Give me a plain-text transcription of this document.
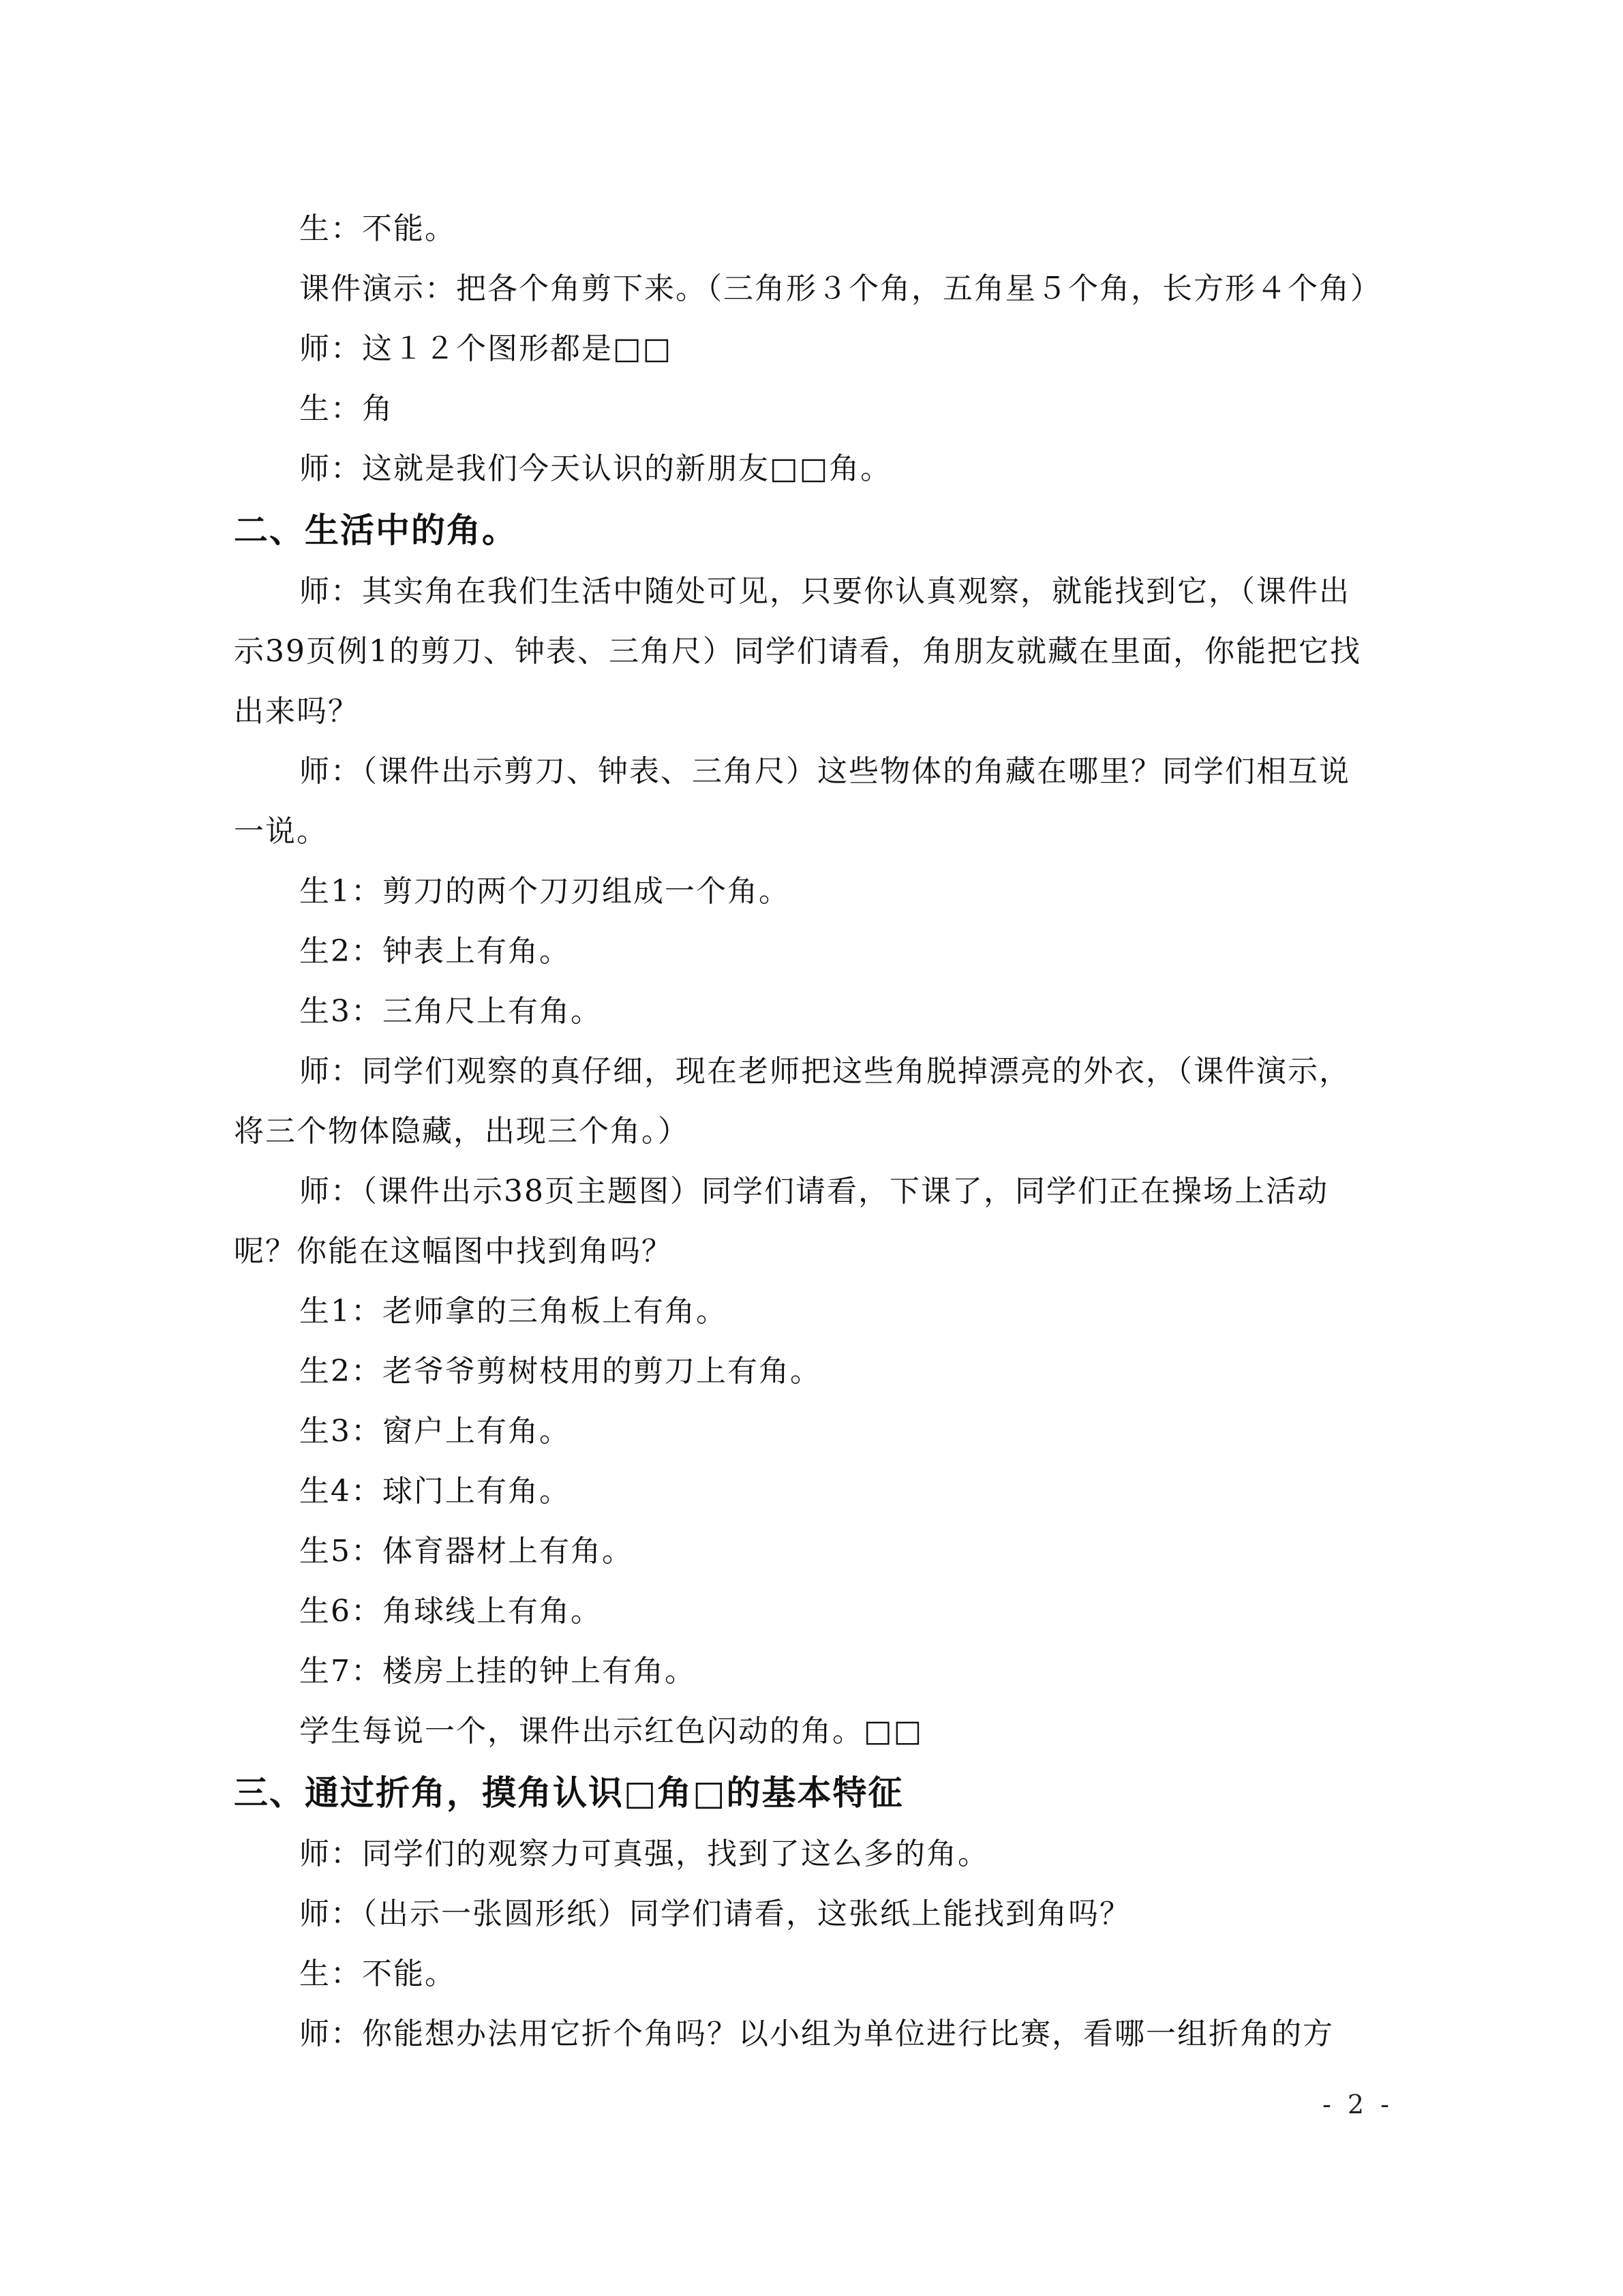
生：不能。

课件演示：把各个角剪下来。（三角形３个角，五角星５个角，长方形４个角）

师：这１２个图形都是□□

生：角

师：这就是我们今天认识的新朋友□□角。

二、生活中的角。

师：其实角在我们生活中随处可见，只要你认真观察，就能找到它，（课件出示39页例1的剪刀、钟表、三角尺）同学们请看，角朋友就藏在里面，你能把它找出来吗？

师：（课件出示剪刀、钟表、三角尺）这些物体的角藏在哪里？同学们相互说一说。

生1：剪刀的两个刀刃组成一个角。

生2：钟表上有角。

生3：三角尺上有角。

师：同学们观察的真仔细，现在老师把这些角脱掉漂亮的外衣，（课件演示，将三个物体隐藏，出现三个角。）

师：（课件出示38页主题图）同学们请看，下课了，同学们正在操场上活动呢？你能在这幅图中找到角吗？

生1：老师拿的三角板上有角。

生2：老爷爷剪树枝用的剪刀上有角。

生3：窗户上有角。

生4：球门上有角。

生5：体育器材上有角。

生6：角球线上有角。

生7：楼房上挂的钟上有角。

学生每说一个，课件出示红色闪动的角。□□

三、通过折角，摸角认识□角□的基本特征

师：同学们的观察力可真强，找到了这么多的角。

师：（出示一张圆形纸）同学们请看，这张纸上能找到角吗？

生：不能。

师：你能想办法用它折个角吗？以小组为单位进行比赛，看哪一组折角的方

- 2 -
